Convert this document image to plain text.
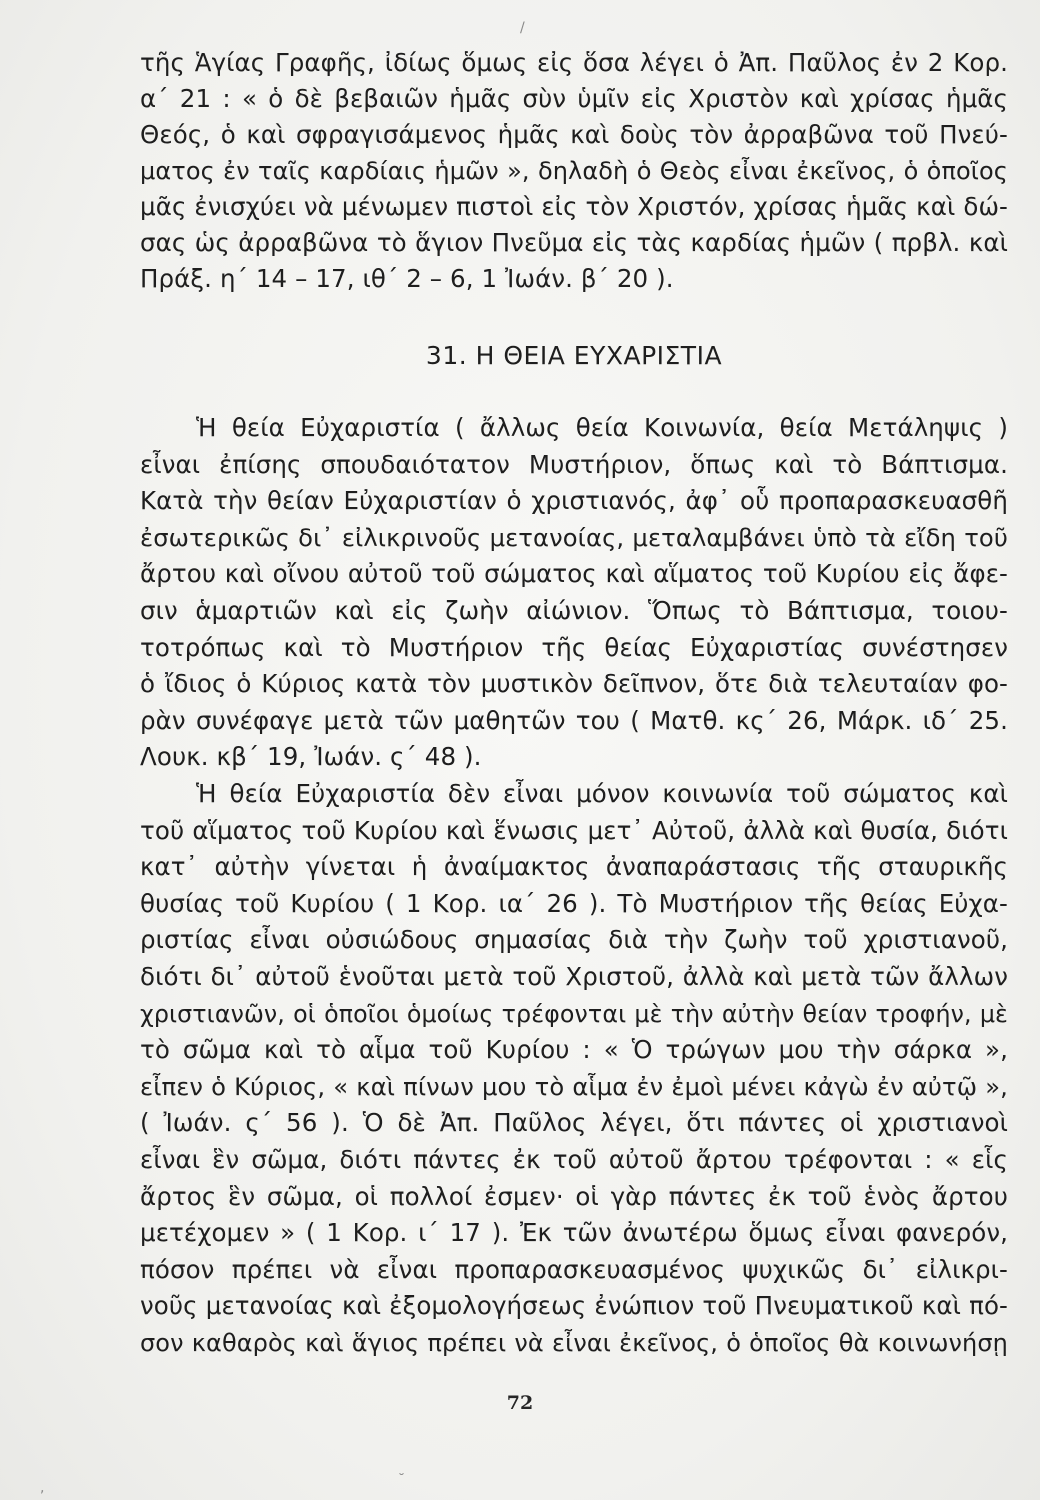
τῆς Ἁγίας Γραφῆς, ἰδίως ὅμως εἰς ὅσα λέγει ὁ Ἀπ. Παῦλος ἐν 2 Κορ.
α΄ 21 : « ὁ δὲ βεβαιῶν ἡμᾶς σὺν ὑμῖν εἰς Χριστὸν καὶ χρίσας ἡμᾶς
Θεός, ὁ καὶ σφραγισάμενος ἡμᾶς καὶ δοὺς τὸν ἀρραβῶνα τοῦ Πνεύ-
ματος ἐν ταῖς καρδίαις ἡμῶν », δηλαδὴ ὁ Θεὸς εἶναι ἐκεῖνος, ὁ ὁποῖος
μᾶς ἐνισχύει νὰ μένωμεν πιστοὶ εἰς τὸν Χριστόν, χρίσας ἡμᾶς καὶ δώ-
σας ὡς ἀρραβῶνα τὸ ἅγιον Πνεῦμα εἰς τὰς καρδίας ἡμῶν ( πρβλ. καὶ
Πράξ. η΄ 14 – 17, ιθ΄ 2 – 6, 1 Ἰωάν. β΄ 20 ).
31. Η ΘΕΙΑ ΕΥΧΑΡΙΣΤΙΑ
Ἡ θεία Εὐχαριστία ( ἄλλως θεία Κοινωνία, θεία Μετάληψις )
εἶναι ἐπίσης σπουδαιότατον Μυστήριον, ὅπως καὶ τὸ Βάπτισμα.
Κατὰ τὴν θείαν Εὐχαριστίαν ὁ χριστιανός, ἀφ᾽ οὗ προπαρασκευασθῆ
ἐσωτερικῶς δι᾽ εἰλικρινοῦς μετανοίας, μεταλαμβάνει ὑπὸ τὰ εἴδη τοῦ
ἄρτου καὶ οἴνου αὐτοῦ τοῦ σώματος καὶ αἵματος τοῦ Κυρίου εἰς ἄφε-
σιν ἁμαρτιῶν καὶ εἰς ζωὴν αἰώνιον. Ὅπως τὸ Βάπτισμα, τοιου-
τοτρόπως καὶ τὸ Μυστήριον τῆς θείας Εὐχαριστίας συνέστησεν
ὁ ἴδιος ὁ Κύριος κατὰ τὸν μυστικὸν δεῖπνον, ὅτε διὰ τελευταίαν φο-
ρὰν συνέφαγε μετὰ τῶν μαθητῶν του ( Ματθ. κς΄ 26, Μάρκ. ιδ΄ 25.
Λουκ. κβ΄ 19, Ἰωάν. ς΄ 48 ).
Ἡ θεία Εὐχαριστία δὲν εἶναι μόνον κοινωνία τοῦ σώματος καὶ
τοῦ αἵματος τοῦ Κυρίου καὶ ἕνωσις μετ᾽ Αὐτοῦ, ἀλλὰ καὶ θυσία, διότι
κατ᾽ αὐτὴν γίνεται ἡ ἀναίμακτος ἀναπαράστασις τῆς σταυρικῆς
θυσίας τοῦ Κυρίου ( 1 Κορ. ια΄ 26 ). Τὸ Μυστήριον τῆς θείας Εὐχα-
ριστίας εἶναι οὐσιώδους σημασίας διὰ τὴν ζωὴν τοῦ χριστιανοῦ,
διότι δι᾽ αὐτοῦ ἑνοῦται μετὰ τοῦ Χριστοῦ, ἀλλὰ καὶ μετὰ τῶν ἄλλων
χριστιανῶν, οἱ ὁποῖοι ὁμοίως τρέφονται μὲ τὴν αὐτὴν θείαν τροφήν, μὲ
τὸ σῶμα καὶ τὸ αἷμα τοῦ Κυρίου : « Ὁ τρώγων μου τὴν σάρκα »,
εἶπεν ὁ Κύριος, « καὶ πίνων μου τὸ αἷμα ἐν ἐμοὶ μένει κἀγὼ ἐν αὐτῷ »,
( Ἰωάν. ς΄ 56 ). Ὁ δὲ Ἀπ. Παῦλος λέγει, ὅτι πάντες οἱ χριστιανοὶ
εἶναι ἓν σῶμα, διότι πάντες ἐκ τοῦ αὐτοῦ ἄρτου τρέφονται : « εἷς
ἄρτος ἓν σῶμα, οἱ πολλοί ἐσμεν· οἱ γὰρ πάντες ἐκ τοῦ ἑνὸς ἄρτου
μετέχομεν » ( 1 Κορ. ι΄ 17 ). Ἐκ τῶν ἀνωτέρω ὅμως εἶναι φανερόν,
πόσον πρέπει νὰ εἶναι προπαρασκευασμένος ψυχικῶς δι᾽ εἰλικρι-
νοῦς μετανοίας καὶ ἐξομολογήσεως ἐνώπιον τοῦ Πνευματικοῦ καὶ πό-
σον καθαρὸς καὶ ἅγιος πρέπει νὰ εἶναι ἐκεῖνος, ὁ ὁποῖος θὰ κοινωνήσῃ
72
/
˘
,
